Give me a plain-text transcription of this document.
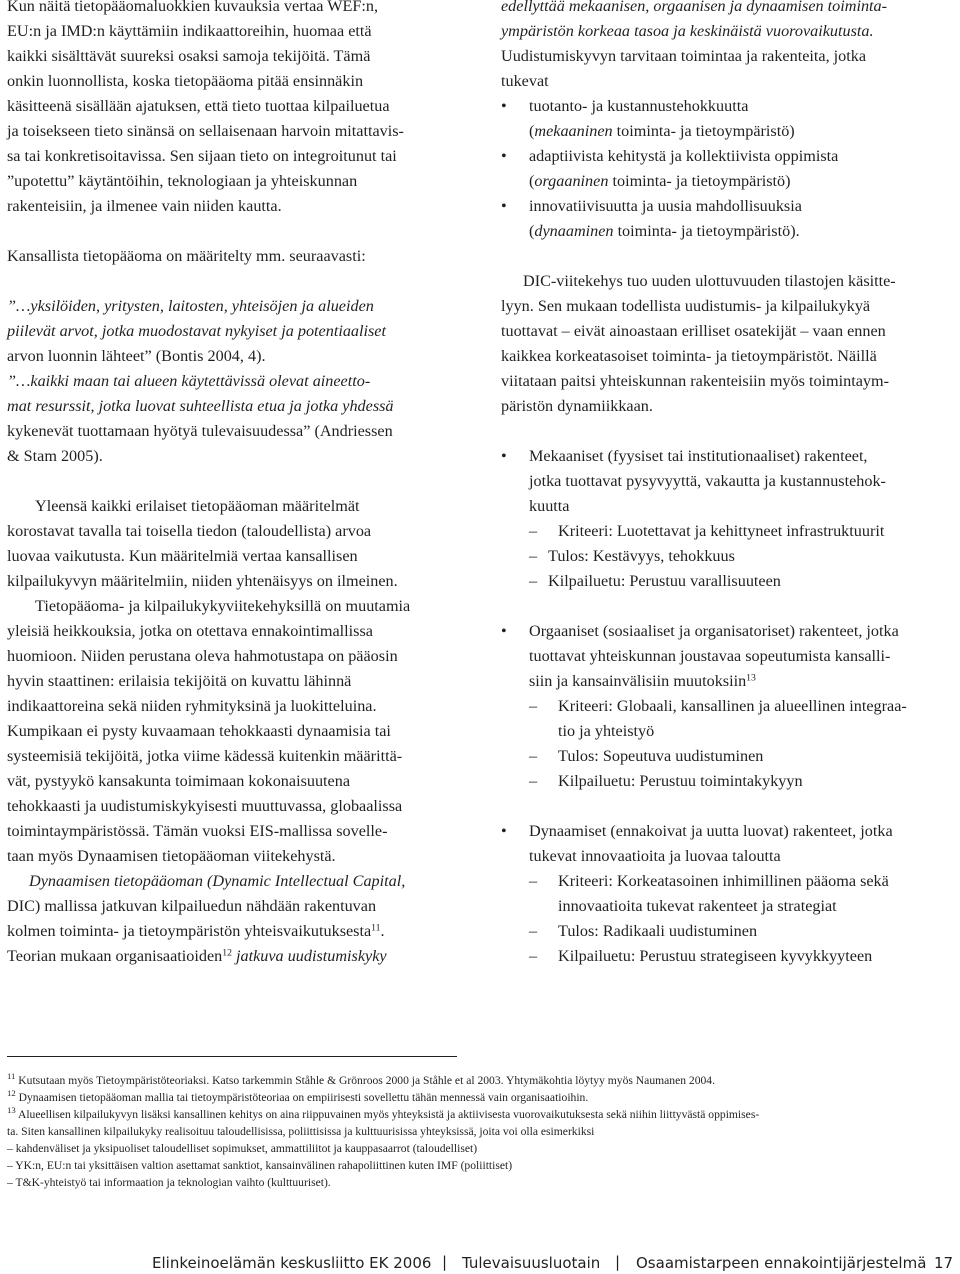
Kun näitä tietopääomaluokkien kuvauksia vertaa WEF:n,
EU:n ja IMD:n käyttämiin indikaattoreihin, huomaa että
kaikki sisälttävät suureksi osaksi samoja tekijöitä. Tämä
onkin luonnollista, koska tietopääoma pitää ensinnäkin
käsitteenä sisällään ajatuksen, että tieto tuottaa kilpailuetua
ja toisekseen tieto sinänsä on sellaisenaan harvoin mitattavis-
sa tai konkretisoitavissa. Sen sijaan tieto on integroitunut tai
”upotettu” käytäntöihin, teknologiaan ja yhteiskunnan
rakenteisiin, ja ilmenee vain niiden kautta.
Kansallista tietopääoma on määritelty mm. seuraavasti:
”…yksilöiden, yritysten, laitosten, yhteisöjen ja alueiden
piilevät arvot, jotka muodostavat nykyiset ja potentiaaliset
arvon luonnin lähteet” (Bontis 2004, 4).
”…kaikki maan tai alueen käytettävissä olevat aineetto-
mat resurssit, jotka luovat suhteellista etua ja jotka yhdessä
kykenevät tuottamaan hyötyä tulevaisuudessa” (Andriessen
& Stam 2005).
Yleensä kaikki erilaiset tietopääoman määritelmät
korostavat tavalla tai toisella tiedon (taloudellista) arvoa
luovaa vaikutusta. Kun määritelmiä vertaa kansallisen
kilpailukyvyn määritelmiin, niiden yhtenäisyys on ilmeinen.
Tietopääoma- ja kilpailukykyviitekehyksillä on muutamia
yleisiä heikkouksia, jotka on otettava ennakointimallissa
huomioon. Niiden perustana oleva hahmotustapa on pääosin
hyvin staattinen: erilaisia tekijöitä on kuvattu lähinnä
indikaattoreina sekä niiden ryhmityksinä ja luokitteluina.
Kumpikaan ei pysty kuvaamaan tehokkaasti dynaamisia tai
systeemisiä tekijöitä, jotka viime kädessä kuitenkin määrittä-
vät, pystyykö kansakunta toimimaan kokonaisuutena
tehokkaasti ja uudistumiskykyisesti muuttuvassa, globaalissa
toimintaympäristössä. Tämän vuoksi EIS-mallissa sovelle-
taan myös Dynaamisen tietopääoman viitekehystä.
Dynaamisen tietopääoman (Dynamic Intellectual Capital,
DIC) mallissa jatkuvan kilpailuedun nähdään rakentuvan
kolmen toiminta- ja tietoympäristön yhteisvaikutuksesta$^{11}$.
Teorian mukaan organisaatioiden$^{12}$ jatkuva uudistumiskyky
edellyttää mekaanisen, orgaanisen ja dynaamisen toiminta-
ympäristön korkeaa tasoa ja keskinäistä vuorovaikutusta.
Uudistumiskyvyn tarvitaan toimintaa ja rakenteita, jotka
tukevat
• tuotanto- ja kustannustehokkuutta
(mekaaninen toiminta- ja tietoympäristö)
• adaptiivista kehitystä ja kollektiivista oppimista
(orgaaninen toiminta- ja tietoympäristö)
• innovatiivisuutta ja uusia mahdollisuuksia
(dynaaminen toiminta- ja tietoympäristö).
DIC-viitekehys tuo uuden ulottuvuuden tilastojen käsitte-
lyyn. Sen mukaan todellista uudistumis- ja kilpailukykyä
tuottavat – eivät ainoastaan erilliset osatekijät – vaan ennen
kaikkea korkeatasoiset toiminta- ja tietoympäristöt. Näillä
viitataan paitsi yhteiskunnan rakenteisiin myös toimintaym-
päristön dynamiikkaan.
• Mekaaniset (fyysiset tai institutionaaliset) rakenteet,
jotka tuottavat pysyvyyttä, vakautta ja kustannustehok-
kuutta
– Kriteeri: Luotettavat ja kehittyneet infrastruktuurit
– Tulos: Kestävyys, tehokkuus
– Kilpailuetu: Perustuu varallisuuteen
• Orgaaniset (sosiaaliset ja organisatoriset) rakenteet, jotka
tuottavat yhteiskunnan joustavaa sopeutumista kansalli-
siin ja kansainvälisiin muutoksiin$^{13}$
– Kriteeri: Globaali, kansallinen ja alueellinen integraa-
tio ja yhteistyö
– Tulos: Sopeutuva uudistuminen
– Kilpailuetu: Perustuu toimintakykyyn
• Dynaamiset (ennakoivat ja uutta luovat) rakenteet, jotka
tukevat innovaatioita ja luovaa taloutta
– Kriteeri: Korkeatasoinen inhimillinen pääoma sekä
innovaatioita tukevat rakenteet ja strategiat
– Tulos: Radikaali uudistuminen
– Kilpailuetu: Perustuu strategiseen kyvykkyyteen
$^{11}$ Kutsutaan myös Tietoympäristöteoriaksi. Katso tarkemmin Ståhle & Grönroos 2000 ja Ståhle et al 2003. Yhtymäkohtia löytyy myös Naumanen 2004.
$^{12}$ Dynaamisen tietopääoman mallia tai tietoympäristöteoriaa on empiirisesti sovellettu tähän mennessä vain organisaatioihin.
$^{13}$ Alueellisen kilpailukyvyn lisäksi kansallinen kehitys on aina riippuvainen myös yhteyksistä ja aktiivisesta vuorovaikutuksesta sekä niihin liittyvästä oppimises-
ta. Siten kansallinen kilpailukyky realisoituu taloudellisissa, poliittisissa ja kulttuurisissa yhteyksissä, joita voi olla esimerkiksi
– kahdenväliset ja yksipuoliset taloudelliset sopimukset, ammattiliitot ja kauppasaarrot (taloudelliset)
– YK:n, EU:n tai yksittäisen valtion asettamat sanktiot, kansainvälinen rahapoliittinen kuten IMF (poliittiset)
– T&K-yhteistyö tai informaation ja teknologian vaihto (kulttuuriset).
Elinkeinoelämän keskusliitto EK 2006 | Tulevaisuusluotain | Osaamistarpeen ennakointijärjestelmä 17
